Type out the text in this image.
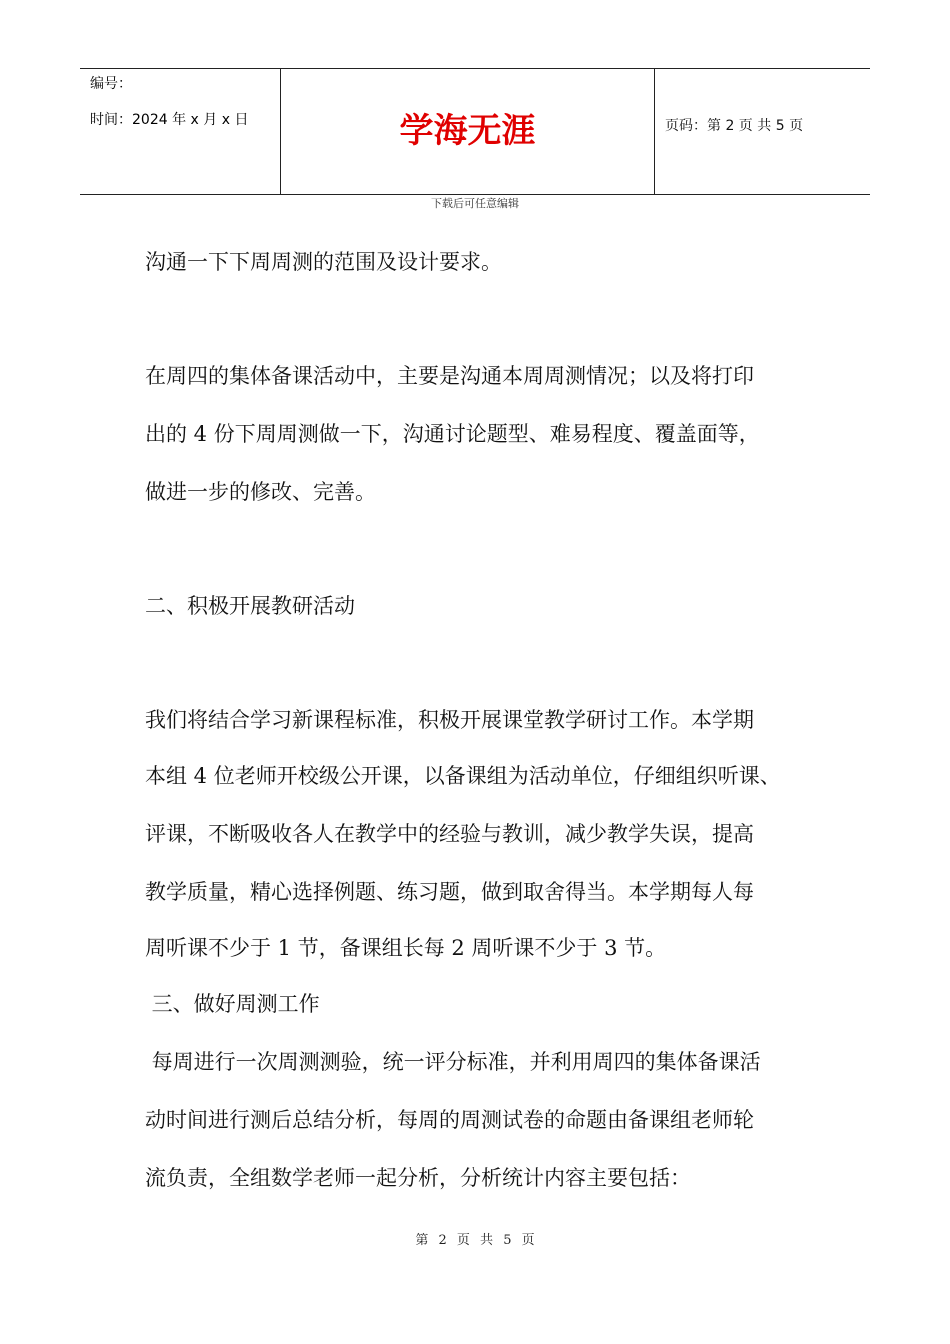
编号：
时间：2024 年 x 月 x 日	学海无涯	页码：第 2 页 共 5 页
下载后可任意编辑
沟通一下下周周测的范围及设计要求。
在周四的集体备课活动中，主要是沟通本周周测情况；以及将打印
出的 4 份下周周测做一下，沟通讨论题型、难易程度、覆盖面等，
做进一步的修改、完善。
二、积极开展教研活动
我们将结合学习新课程标准，积极开展课堂教学研讨工作。本学期
本组 4 位老师开校级公开课，以备课组为活动单位，仔细组织听课、
评课，不断吸收各人在教学中的经验与教训，减少教学失误，提高
教学质量，精心选择例题、练习题，做到取舍得当。本学期每人每
周听课不少于 1 节，备课组长每 2 周听课不少于 3 节。
三、做好周测工作
每周进行一次周测测验，统一评分标准，并利用周四的集体备课活
动时间进行测后总结分析，每周的周测试卷的命题由备课组老师轮
流负责，全组数学老师一起分析，分析统计内容主要包括：
第 2 页 共 5 页
